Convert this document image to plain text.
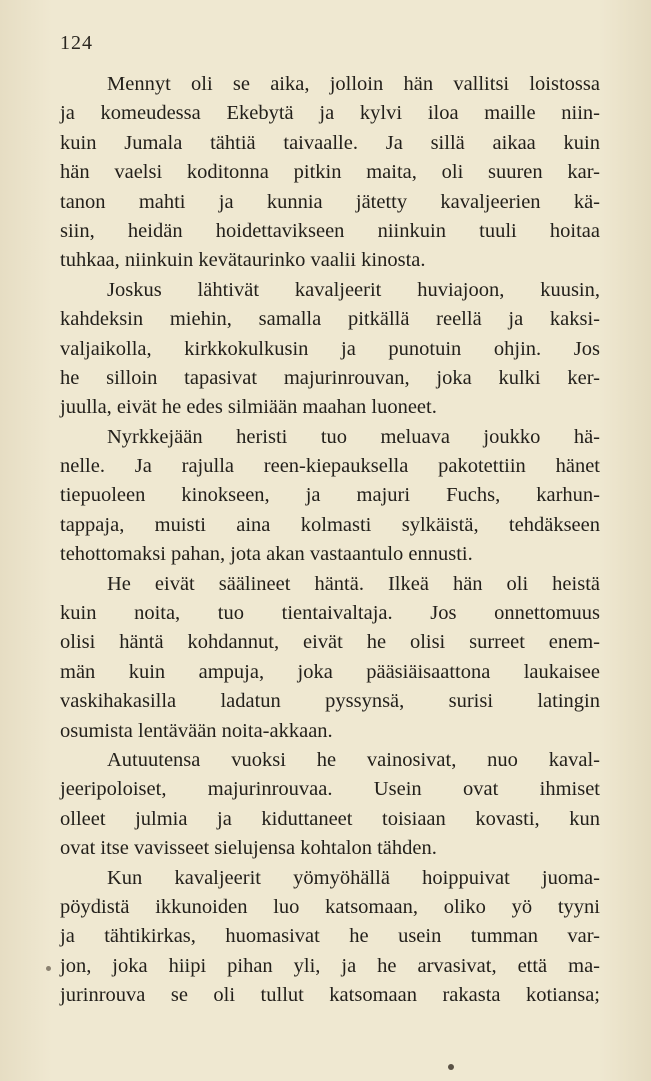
124
Mennyt oli se aika, jolloin hän vallitsi loistossa
ja komeudessa Ekebytä ja kylvi iloa maille niin-
kuin Jumala tähtiä taivaalle. Ja sillä aikaa kuin
hän vaelsi koditonna pitkin maita, oli suuren kar-
tanon mahti ja kunnia jätetty kavaljeerien kä-
siin, heidän hoidettavikseen niinkuin tuuli hoitaa
tuhkaa, niinkuin kevätaurinko vaalii kinosta.
Joskus lähtivät kavaljeerit huviajoon, kuusin,
kahdeksin miehin, samalla pitkällä reellä ja kaksi-
valjaikolla, kirkkokulkusin ja punotuin ohjin. Jos
he silloin tapasivat majurinrouvan, joka kulki ker-
juulla, eivät he edes silmiään maahan luoneet.
Nyrkkejään heristi tuo meluava joukko hä-
nelle. Ja rajulla reen-kiepauksella pakotettiin hänet
tiepuoleen kinokseen, ja majuri Fuchs, karhun-
tappaja, muisti aina kolmasti sylkäistä, tehdäkseen
tehottomaksi pahan, jota akan vastaantulo ennusti.
He eivät säälineet häntä. Ilkeä hän oli heistä
kuin noita, tuo tientaivaltaja. Jos onnettomuus
olisi häntä kohdannut, eivät he olisi surreet enem-
män kuin ampuja, joka pääsiäisaattona laukaisee
vaskihakasilla ladatun pyssynsä, surisi latingin
osumista lentävään noita-akkaan.
Autuutensa vuoksi he vainosivat, nuo kaval-
jeeripoloiset, majurinrouvaa. Usein ovat ihmiset
olleet julmia ja kiduttaneet toisiaan kovasti, kun
ovat itse vavisseet sielujensa kohtalon tähden.
Kun kavaljeerit yömyöhällä hoippuivat juoma-
pöydistä ikkunoiden luo katsomaan, oliko yö tyyni
ja tähtikirkas, huomasivat he usein tumman var-
jon, joka hiipi pihan yli, ja he arvasivat, että ma-
jurinrouva se oli tullut katsomaan rakasta kotiansa;
